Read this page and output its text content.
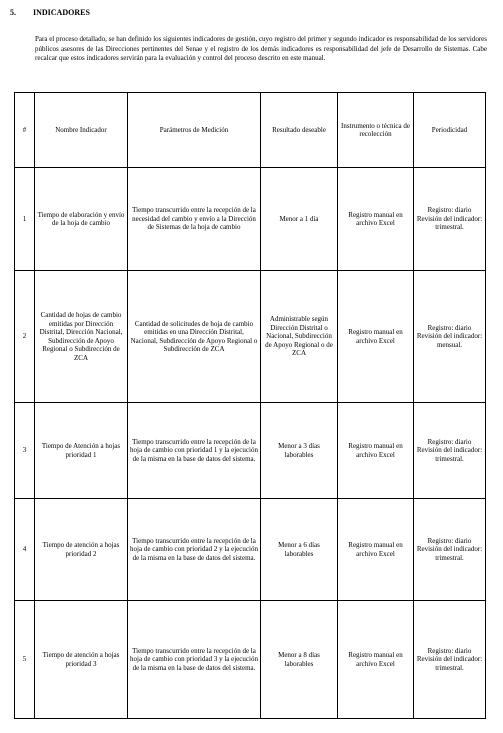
5. INDICADORES

Para el proceso detallado, se han definido los siguientes indicadores de gestión, cuyo registro del primer y segundo indicador es responsabilidad de los servidores públicos asesores de las Direcciones pertinentes del Senae y el registro de los demás indicadores es responsabilidad del jefe de Desarrollo de Sistemas. Cabe recalcar que estos indicadores servirán para la evaluación y control del proceso descrito en este manual.

#	Nombre Indicador	Parámetros de Medición	Resultado deseable	Instrumento o técnica de recolección	Periodicidad
1	Tiempo de elaboración y envío de la hoja de cambio	Tiempo transcurrido entre la recepción de la necesidad del cambio y envío a la Dirección de Sistemas de la hoja de cambio	Menor a 1 día	Registro manual en archivo Excel	Registro: diario Revisión del indicador: trimestral.
2	Cantidad de hojas de cambio emitidas por Dirección Distrital, Dirección Nacional, Subdirección de Apoyo Regional o Subdirección de ZCA	Cantidad de solicitudes de hoja de cambio emitidas en una Dirección Distrital, Nacional, Subdirección de Apoyo Regional o Subdirección de ZCA	Administrable según Dirección Distrital o Nacional, Subdirección de Apoyo Regional o de ZCA	Registro manual en archivo Excel	Registro: diario Revisión del indicador: mensual.
3	Tiempo de Atención a hojas prioridad 1	Tiempo transcurrido entre la recepción de la hoja de cambio con prioridad 1 y la ejecución de la misma en la base de datos del sistema.	Menor a 3 días laborables	Registro manual en archivo Excel	Registro: diario Revisión del indicador: trimestral.
4	Tiempo de atención a hojas prioridad 2	Tiempo transcurrido entre la recepción de la hoja de cambio con prioridad 2 y la ejecución de la misma en la base de datos del sistema.	Menor a 6 días laborables	Registro manual en archivo Excel	Registro: diario Revisión del indicador: trimestral.
5	Tiempo de atención a hojas prioridad 3	Tiempo transcurrido entre la recepción de la hoja de cambio con prioridad 3 y la ejecución de la misma en la base de datos del sistema.	Menor a 8 días laborables	Registro manual en archivo Excel	Registro: diario Revisión del indicador: trimestral.
